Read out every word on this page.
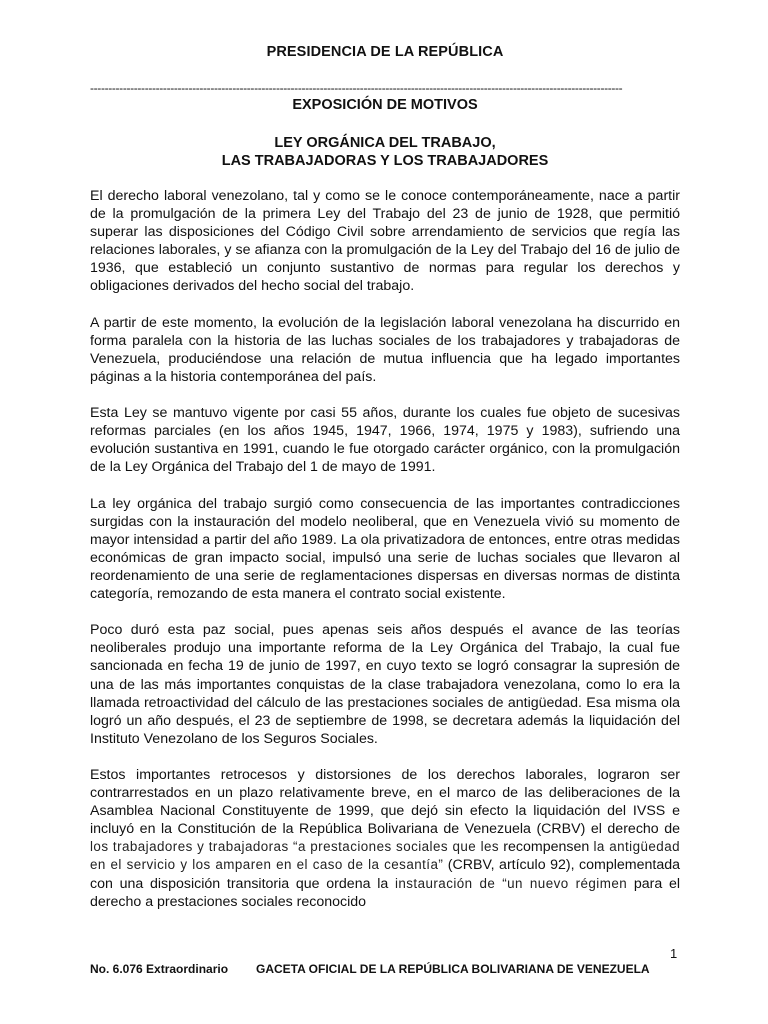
PRESIDENCIA DE LA REPÚBLICA
--------------------------------------------------------------------------------------------------------------------------------------------------
EXPOSICIÓN DE MOTIVOS
LEY ORGÁNICA DEL TRABAJO,
LAS TRABAJADORAS Y LOS TRABAJADORES

El derecho laboral venezolano, tal y como se le conoce contemporáneamente, nace a partir de la promulgación de la primera Ley del Trabajo del 23 de junio de 1928, que permitió superar las disposiciones del Código Civil sobre arrendamiento de servicios que regía las relaciones laborales, y se afianza con la promulgación de la Ley del Trabajo del 16 de julio de 1936, que estableció un conjunto sustantivo de normas para regular los derechos y obligaciones derivados del hecho social del trabajo.

A partir de este momento, la evolución de la legislación laboral venezolana ha discurrido en forma paralela con la historia de las luchas sociales de los trabajadores y trabajadoras de Venezuela, produciéndose una relación de mutua influencia que ha legado importantes páginas a la historia contemporánea del país.

Esta Ley se mantuvo vigente por casi 55 años, durante los cuales fue objeto de sucesivas reformas parciales (en los años 1945, 1947, 1966, 1974, 1975 y 1983), sufriendo una evolución sustantiva en 1991, cuando le fue otorgado carácter orgánico, con la promulgación de la Ley Orgánica del Trabajo del 1 de mayo de 1991.

La ley orgánica del trabajo surgió como consecuencia de las importantes contradicciones surgidas con la instauración del modelo neoliberal, que en Venezuela vivió su momento de mayor intensidad a partir del año 1989. La ola privatizadora de entonces, entre otras medidas económicas de gran impacto social, impulsó una serie de luchas sociales que llevaron al reordenamiento de una serie de reglamentaciones dispersas en diversas normas de distinta categoría, remozando de esta manera el contrato social existente.

Poco duró esta paz social, pues apenas seis años después el avance de las teorías neoliberales produjo una importante reforma de la Ley Orgánica del Trabajo, la cual fue sancionada en fecha 19 de junio de 1997, en cuyo texto se logró consagrar la supresión de una de las más importantes conquistas de la clase trabajadora venezolana, como lo era la llamada retroactividad del cálculo de las prestaciones sociales de antigüedad. Esa misma ola logró un año después, el 23 de septiembre de 1998, se decretara además la liquidación del Instituto Venezolano de los Seguros Sociales.

Estos importantes retrocesos y distorsiones de los derechos laborales, lograron ser contrarrestados en un plazo relativamente breve, en el marco de las deliberaciones de la Asamblea Nacional Constituyente de 1999, que dejó sin efecto la liquidación del IVSS e incluyó en la Constitución de la República Bolivariana de Venezuela (CRBV) el derecho de los trabajadores y trabajadoras “a prestaciones sociales que les recompensen la antigüedad en el servicio y los amparen en el caso de la cesantía” (CRBV, artículo 92), complementada con una disposición transitoria que ordena la instauración de “un nuevo régimen para el derecho a prestaciones sociales reconocido

1
No. 6.076 Extraordinario GACETA OFICIAL DE LA REPÚBLICA BOLIVARIANA DE VENEZUELA
